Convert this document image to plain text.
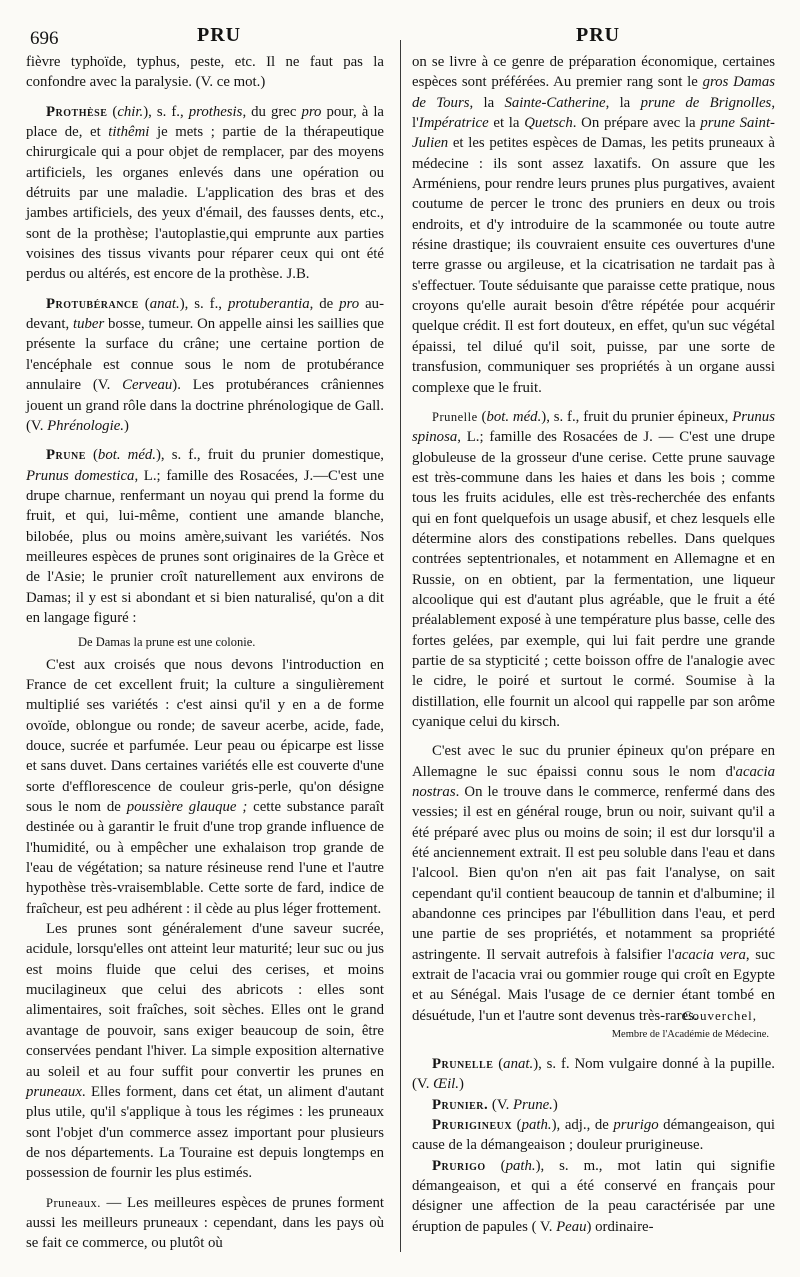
696	PRU	PRU

fièvre typhoïde, typhus, peste, etc. Il ne faut pas la confondre avec la paralysie. (V. ce mot.)

Prothèse (chir.), s. f., prothesis, du grec pro pour, à la place de, et tithêmi je mets ; partie de la thérapeutique chirurgicale qui a pour objet de remplacer, par des moyens artificiels, les organes enlevés dans une opération ou détruits par une maladie. L'application des bras et des jambes artificiels, des yeux d'émail, des fausses dents, etc., sont de la prothèse; l'autoplastie,qui emprunte aux parties voisines des tissus vivants pour réparer ceux qui ont été perdus ou altérés, est encore de la prothèse. J.B.

Protubérance (anat.), s. f., protuberantia, de pro au-devant, tuber bosse, tumeur. On appelle ainsi les saillies que présente la surface du crâne; une certaine portion de l'encéphale est connue sous le nom de protubérance annulaire (V. Cerveau). Les protubérances crâniennes jouent un grand rôle dans la doctrine phrénologique de Gall. (V. Phrénologie.)

Prune (bot. méd.), s. f., fruit du prunier domestique, Prunus domestica, L.; famille des Rosacées, J.—C'est une drupe charnue, renfermant un noyau qui prend la forme du fruit, et qui, lui-même, contient une amande blanche, bilobée, plus ou moins amère,suivant les variétés. Nos meilleures espèces de prunes sont originaires de la Grèce et de l'Asie; le prunier croît naturellement aux environs de Damas; il y est si abondant et si bien naturalisé, qu'on a dit en langage figuré :

De Damas la prune est une colonie.

C'est aux croisés que nous devons l'introduction en France de cet excellent fruit; la culture a singulièrement multiplié ses variétés : c'est ainsi qu'il y en a de forme ovoïde, oblongue ou ronde; de saveur acerbe, acide, fade, douce, sucrée et parfumée. Leur peau ou épicarpe est lisse et sans duvet. Dans certaines variétés elle est couverte d'une sorte d'efflorescence de couleur gris-perle, qu'on désigne sous le nom de poussière glauque ; cette substance paraît destinée ou à garantir le fruit d'une trop grande influence de l'humidité, ou à empêcher une exhalaison trop grande de l'eau de végétation; sa nature résineuse rend l'une et l'autre hypothèse très-vraisemblable. Cette sorte de fard, indice de fraîcheur, est peu adhérent : il cède au plus léger frottement.

Les prunes sont généralement d'une saveur sucrée, acidule, lorsqu'elles ont atteint leur maturité; leur suc ou jus est moins fluide que celui des cerises, et moins mucilagineux que celui des abricots : elles sont alimentaires, soit fraîches, soit sèches. Elles ont le grand avantage de pouvoir, sans exiger beaucoup de soin, être conservées pendant l'hiver. La simple exposition alternative au soleil et au four suffit pour convertir les prunes en pruneaux. Elles forment, dans cet état, un aliment d'autant plus utile, qu'il s'applique à tous les régimes : les pruneaux sont l'objet d'un commerce assez important pour plusieurs de nos départements. La Touraine est depuis longtemps en possession de fournir les plus estimés.

Pruneaux. — Les meilleures espèces de prunes forment aussi les meilleurs pruneaux : cependant, dans les pays où se fait ce commerce, ou plutôt où

on se livre à ce genre de préparation économique, certaines espèces sont préférées. Au premier rang sont le gros Damas de Tours, la Sainte-Catherine, la prune de Brignolles, l'Impératrice et la Quetsch. On prépare avec la prune Saint-Julien et les petites espèces de Damas, les petits pruneaux à médecine : ils sont assez laxatifs. On assure que les Arméniens, pour rendre leurs prunes plus purgatives, avaient coutume de percer le tronc des pruniers en deux ou trois endroits, et d'y introduire de la scammonée ou toute autre résine drastique; ils couvraient ensuite ces ouvertures d'une terre grasse ou argileuse, et la cicatrisation ne tardait pas à s'effectuer. Toute séduisante que paraisse cette pratique, nous croyons qu'elle aurait besoin d'être répétée pour acquérir quelque crédit. Il est fort douteux, en effet, qu'un suc végétal épaissi, tel dilué qu'il soit, puisse, par une sorte de transfusion, communiquer ses propriétés à un organe aussi complexe que le fruit.

Prunelle (bot. méd.), s. f., fruit du prunier épineux, Prunus spinosa, L.; famille des Rosacées de J. — C'est une drupe globuleuse de la grosseur d'une cerise. Cette prune sauvage est très-commune dans les haies et dans les bois ; comme tous les fruits acidules, elle est très-recherchée des enfants qui en font quelquefois un usage abusif, et chez lesquels elle détermine alors des constipations rebelles. Dans quelques contrées septentrionales, et notamment en Allemagne et en Russie, on en obtient, par la fermentation, une liqueur alcoolique qui est d'autant plus agréable, que le fruit a été préalablement exposé à une température plus basse, celle des fortes gelées, par exemple, qui lui fait perdre une grande partie de sa stypticité ; cette boisson offre de l'analogie avec le cidre, le poiré et surtout le cormé. Soumise à la distillation, elle fournit un alcool qui rappelle par son arôme cyanique celui du kirsch.

C'est avec le suc du prunier épineux qu'on prépare en Allemagne le suc épaissi connu sous le nom d'acacia nostras. On le trouve dans le commerce, renfermé dans des vessies; il est en général rouge, brun ou noir, suivant qu'il a été préparé avec plus ou moins de soin; il est dur lorsqu'il a été anciennement extrait. Il est peu soluble dans l'eau et dans l'alcool. Bien qu'on n'en ait pas fait l'analyse, on sait cependant qu'il contient beaucoup de tannin et d'albumine; il abandonne ces principes par l'ébullition dans l'eau, et perd une partie de ses propriétés, et notamment sa propriété astringente. Il servait autrefois à falsifier l'acacia vera, suc extrait de l'acacia vrai ou gommier rouge qui croît en Egypte et au Sénégal. Mais l'usage de ce dernier étant tombé en désuétude, l'un et l'autre sont devenus très-rares.

Couverchel,

Membre de l'Académie de Médecine.

Prunelle (anat.), s. f. Nom vulgaire donné à la pupille. (V. Œil.)

Prunier. (V. Prune.)

Prurigineux (path.), adj., de prurigo démangeaison, qui cause de la démangeaison ; douleur prurigineuse.

Prurigo (path.), s. m., mot latin qui signifie démangeaison, et qui a été conservé en français pour désigner une affection de la peau caractérisée par une éruption de papules ( V. Peau) ordinaire-
